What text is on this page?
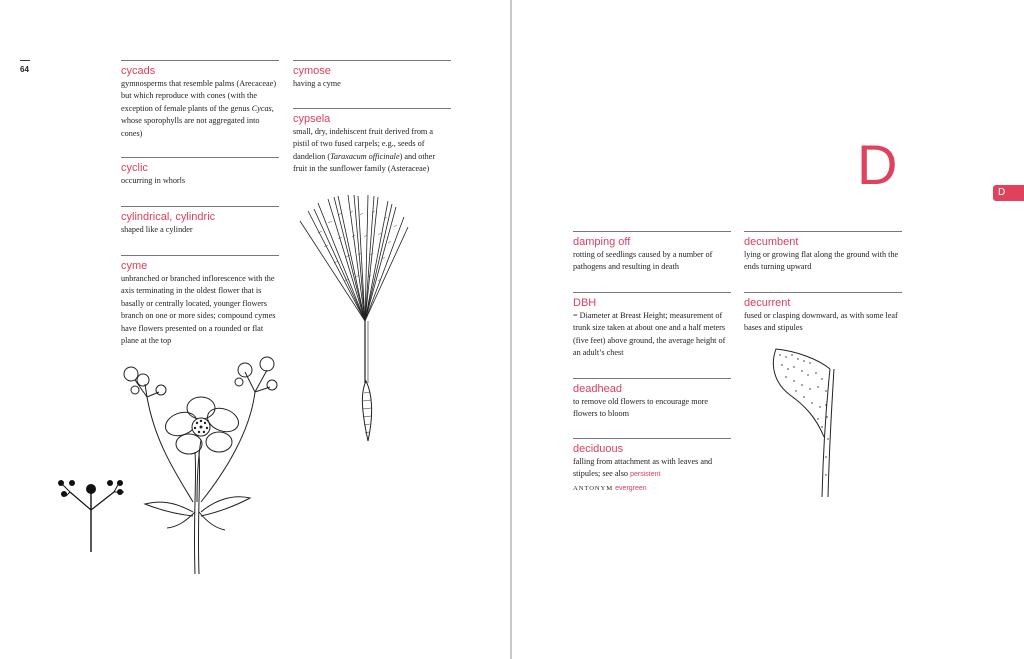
64	cycads

gymnosperms that resemble palms (Arecaceae) but which reproduce with cones (with the exception of female plants of the genus Cycas, whose sporophylls are not aggregated into cones)

cyclic

occurring in whorls

cylindrical, cylindric

shaped like a cylinder

cyme

unbranched or branched inflorescence with the axis terminating in the oldest flower that is basally or centrally located, younger flowers branch on one or more sides; compound cymes have flowers presented on a rounded or flat plane at the top

cymose

having a cyme

cypsela

small, dry, indehiscent fruit derived from a pistil of two fused carpels; e.g., seeds of dandelion (Taraxacum officinale) and other fruit in the sunflower family (Asteraceae)	D	D

damping off

rotting of seedlings caused by a number of pathogens and resulting in death

decumbent

lying or growing flat along the ground with the ends turning upward

DBH

= Diameter at Breast Height; measurement of trunk size taken at about one and a half meters (five feet) above ground, the average height of an adult’s chest

decurrent

fused or clasping downward, as with some leaf bases and stipules

deadhead

to remove old flowers to encourage more flowers to bloom

deciduous

falling from attachment as with leaves and stipules; see also persistent

ANTONYM evergreen
